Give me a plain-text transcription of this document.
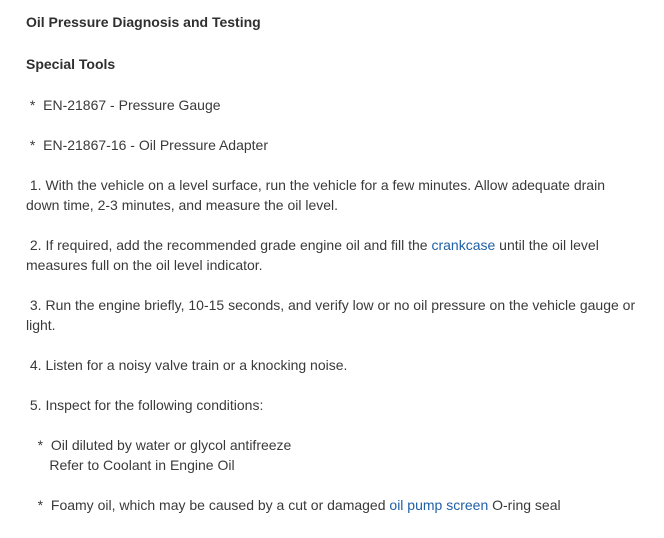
Oil Pressure Diagnosis and Testing
Special Tools
*  EN-21867 - Pressure Gauge
*  EN-21867-16 - Oil Pressure Adapter
1. With the vehicle on a level surface, run the vehicle for a few minutes. Allow adequate drain
down time, 2-3 minutes, and measure the oil level.
2. If required, add the recommended grade engine oil and fill the crankcase until the oil level
measures full on the oil level indicator.
3. Run the engine briefly, 10-15 seconds, and verify low or no oil pressure on the vehicle gauge or
light.
4. Listen for a noisy valve train or a knocking noise.
5. Inspect for the following conditions:
*  Oil diluted by water or glycol antifreeze
Refer to Coolant in Engine Oil
*  Foamy oil, which may be caused by a cut or damaged oil pump screen O-ring seal
